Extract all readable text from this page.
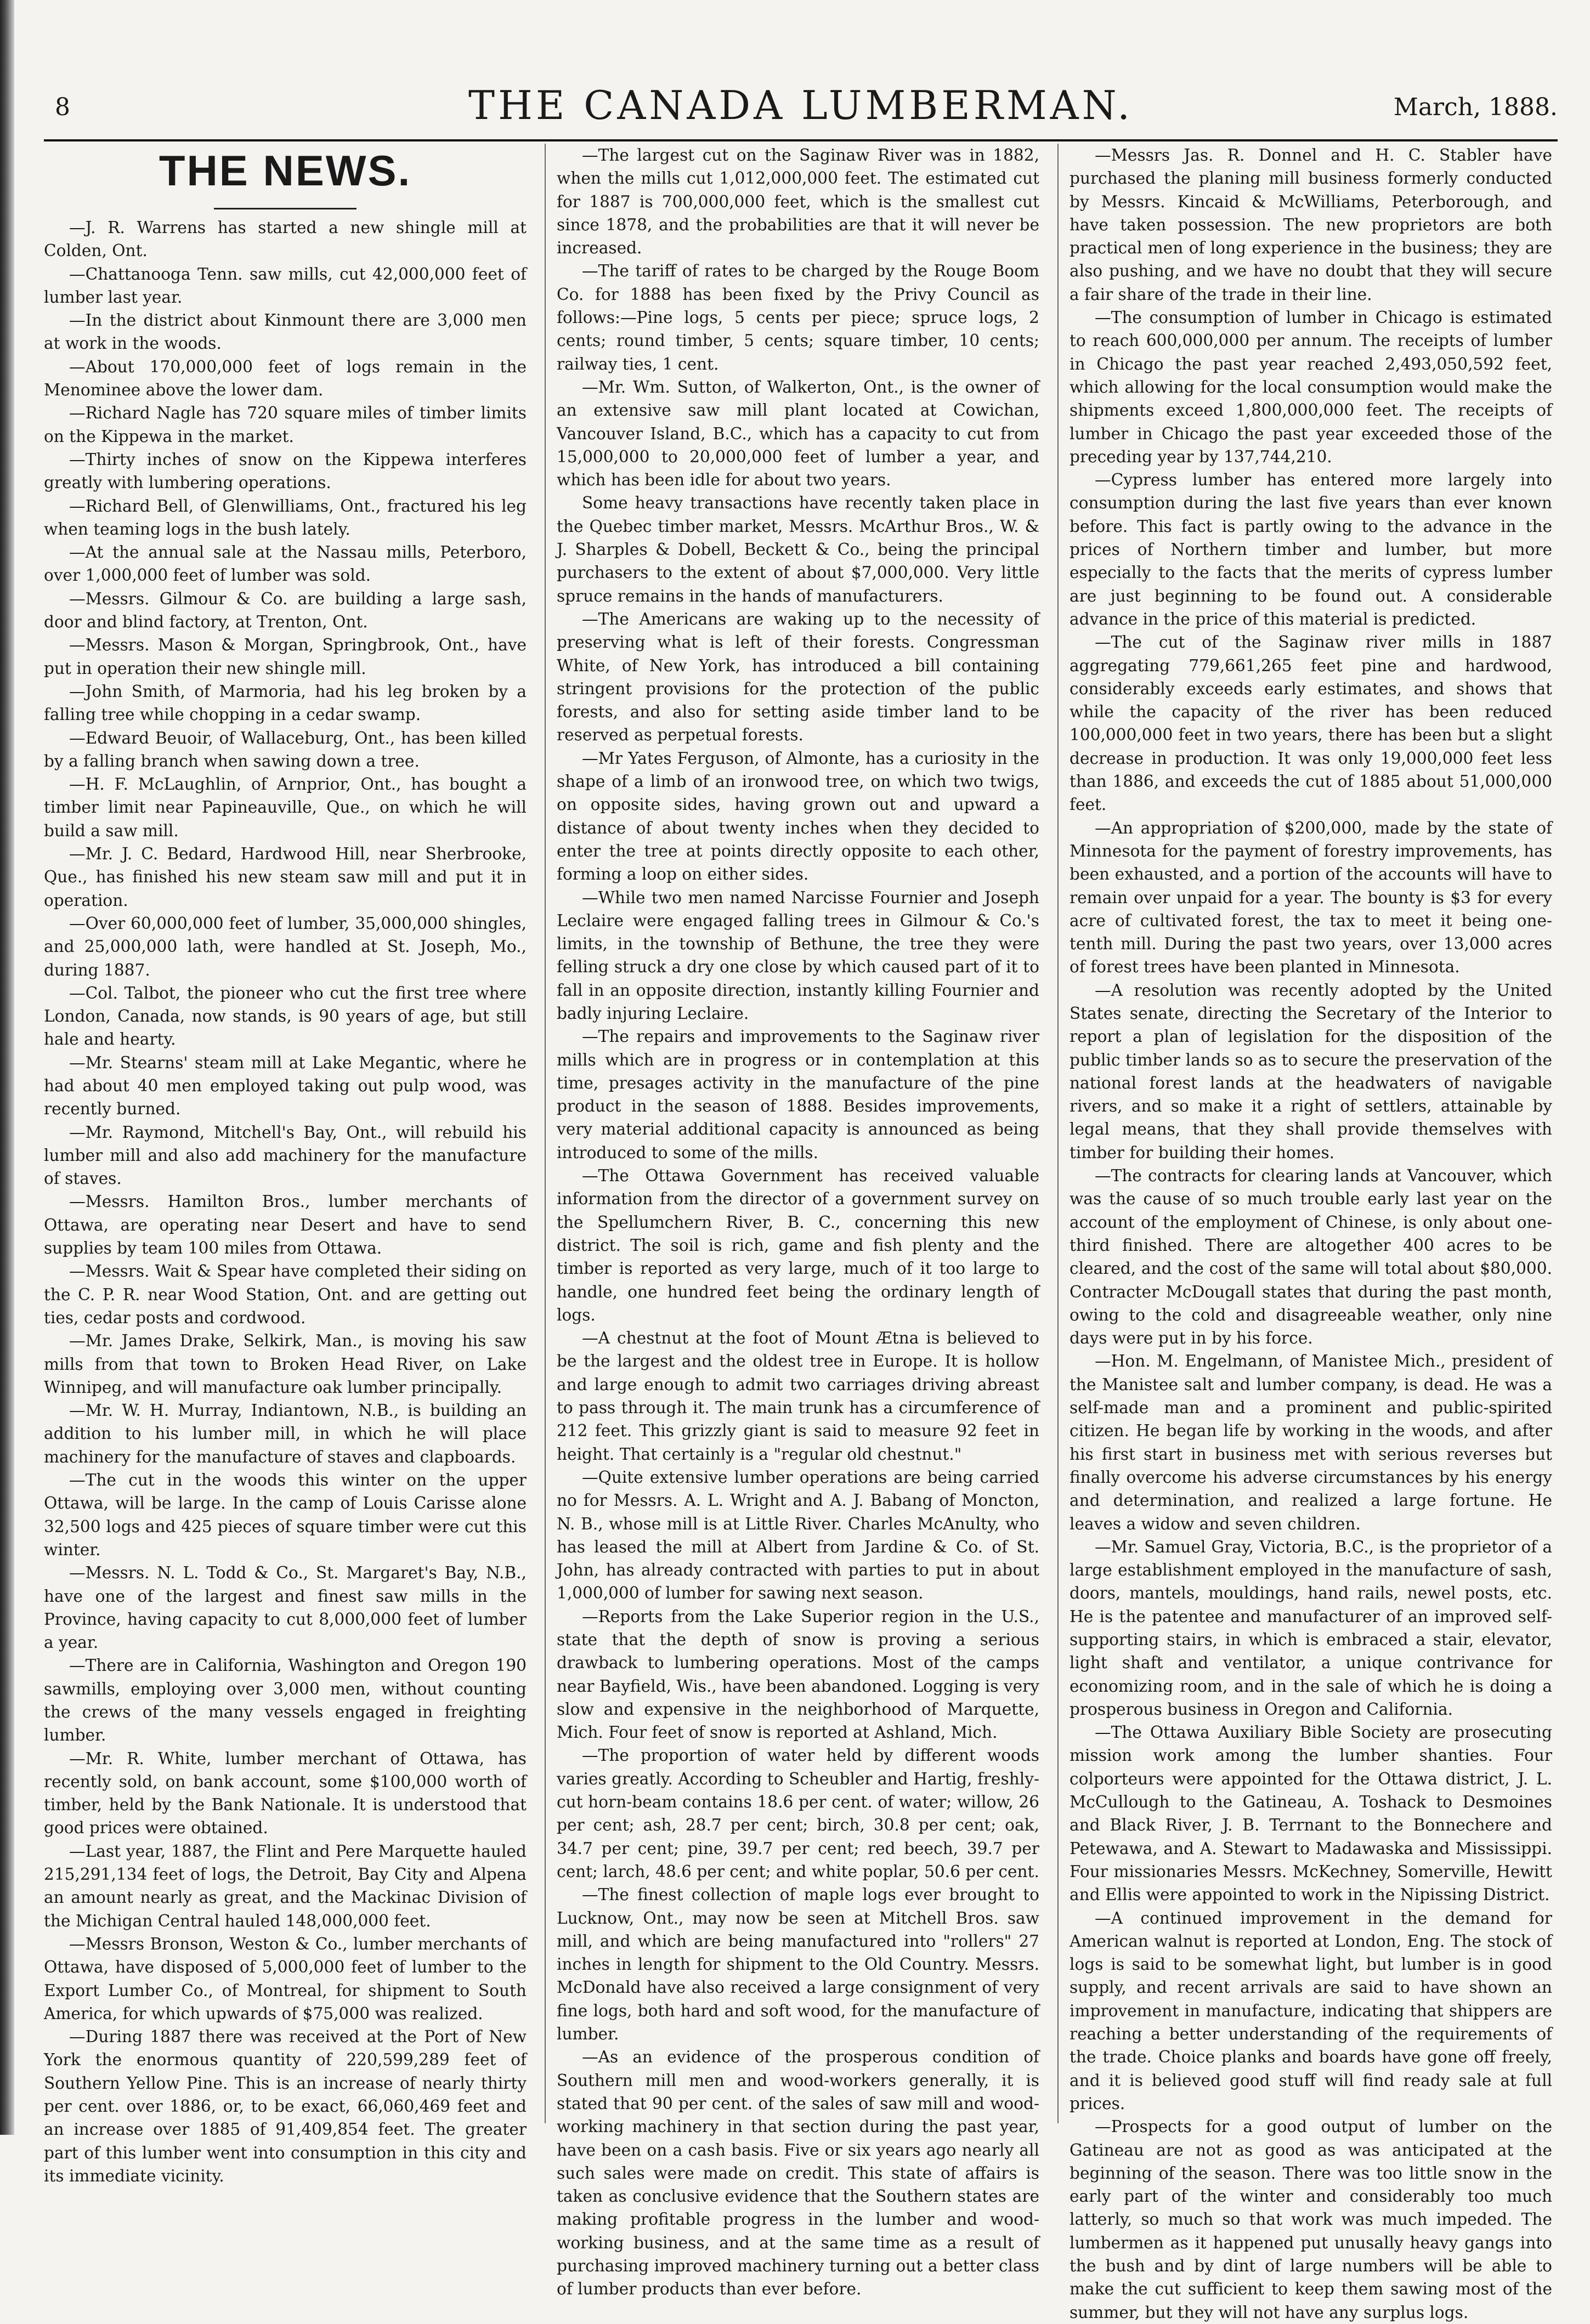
8	THE CANADA LUMBERMAN.	March, 1888.
THE NEWS.

—J. R. Warrens has started a new shingle mill at Colden, Ont.

—Chattanooga Tenn. saw mills, cut 42,000,000 feet of lumber last year.

—In the district about Kinmount there are 3,000 men at work in the woods.

—About 170,000,000 feet of logs remain in the Menominee above the lower dam.

—Richard Nagle has 720 square miles of timber limits on the Kippewa in the market.

—Thirty inches of snow on the Kippewa interferes greatly with lumbering operations.

—Richard Bell, of Glenwilliams, Ont., fractured his leg when teaming logs in the bush lately.

—At the annual sale at the Nassau mills, Peterboro, over 1,000,000 feet of lumber was sold.

—Messrs. Gilmour & Co. are building a large sash, door and blind factory, at Trenton, Ont.

—Messrs. Mason & Morgan, Springbrook, Ont., have put in operation their new shingle mill.

—John Smith, of Marmoria, had his leg broken by a falling tree while chopping in a cedar swamp.

—Edward Beuoir, of Wallaceburg, Ont., has been killed by a falling branch when sawing down a tree.

—H. F. McLaughlin, of Arnprior, Ont., has bought a timber limit near Papineauville, Que., on which he will build a saw mill.

—Mr. J. C. Bedard, Hardwood Hill, near Sherbrooke, Que., has finished his new steam saw mill and put it in operation.

—Over 60,000,000 feet of lumber, 35,000,000 shingles, and 25,000,000 lath, were handled at St. Joseph, Mo., during 1887.

—Col. Talbot, the pioneer who cut the first tree where London, Canada, now stands, is 90 years of age, but still hale and hearty.

—Mr. Stearns' steam mill at Lake Megantic, where he had about 40 men employed taking out pulp wood, was recently burned.

—Mr. Raymond, Mitchell's Bay, Ont., will rebuild his lumber mill and also add machinery for the manufacture of staves.

—Messrs. Hamilton Bros., lumber merchants of Ottawa, are operating near Desert and have to send supplies by team 100 miles from Ottawa.

—Messrs. Wait & Spear have completed their siding on the C. P. R. near Wood Station, Ont. and are getting out ties, cedar posts and cordwood.

—Mr. James Drake, Selkirk, Man., is moving his saw mills from that town to Broken Head River, on Lake Winnipeg, and will manufacture oak lumber principally.

—Mr. W. H. Murray, Indiantown, N.B., is building an addition to his lumber mill, in which he will place machinery for the manufacture of staves and clapboards.

—The cut in the woods this winter on the upper Ottawa, will be large. In the camp of Louis Carisse alone 32,500 logs and 425 pieces of square timber were cut this winter.

—Messrs. N. L. Todd & Co., St. Margaret's Bay, N.B., have one of the largest and finest saw mills in the Province, having capacity to cut 8,000,000 feet of lumber a year.

—There are in California, Washington and Oregon 190 sawmills, employing over 3,000 men, without counting the crews of the many vessels engaged in freighting lumber.

—Mr. R. White, lumber merchant of Ottawa, has recently sold, on bank account, some $100,000 worth of timber, held by the Bank Nationale. It is understood that good prices were obtained.

—Last year, 1887, the Flint and Pere Marquette hauled 215,291,134 feet of logs, the Detroit, Bay City and Alpena an amount nearly as great, and the Mackinac Division of the Michigan Central hauled 148,000,000 feet.

—Messrs Bronson, Weston & Co., lumber merchants of Ottawa, have disposed of 5,000,000 feet of lumber to the Export Lumber Co., of Montreal, for shipment to South America, for which upwards of $75,000 was realized.

—During 1887 there was received at the Port of New York the enormous quantity of 220,599,289 feet of Southern Yellow Pine. This is an increase of nearly thirty per cent. over 1886, or, to be exact, 66,060,469 feet and an increase over 1885 of 91,409,854 feet. The greater part of this lumber went into consumption in this city and its immediate vicinity.

—The largest cut on the Saginaw River was in 1882, when the mills cut 1,012,000,000 feet. The estimated cut for 1887 is 700,000,000 feet, which is the smallest cut since 1878, and the probabilities are that it will never be increased.

—The tariff of rates to be charged by the Rouge Boom Co. for 1888 has been fixed by the Privy Council as follows:—Pine logs, 5 cents per piece; spruce logs, 2 cents; round timber, 5 cents; square timber, 10 cents; railway ties, 1 cent.

—Mr. Wm. Sutton, of Walkerton, Ont., is the owner of an extensive saw mill plant located at Cowichan, Vancouver Island, B.C., which has a capacity to cut from 15,000,000 to 20,000,000 feet of lumber a year, and which has been idle for about two years.

Some heavy transactions have recently taken place in the Quebec timber market, Messrs. McArthur Bros., W. & J. Sharples & Dobell, Beckett & Co., being the principal purchasers to the extent of about $7,000,000. Very little spruce remains in the hands of manufacturers.

—The Americans are waking up to the necessity of preserving what is left of their forests. Congressman White, of New York, has introduced a bill containing stringent provisions for the protection of the public forests, and also for setting aside timber land to be reserved as perpetual forests.

—Mr Yates Ferguson, of Almonte, has a curiosity in the shape of a limb of an ironwood tree, on which two twigs, on opposite sides, having grown out and upward a distance of about twenty inches when they decided to enter the tree at points directly opposite to each other, forming a loop on either sides.

—While two men named Narcisse Fournier and Joseph Leclaire were engaged falling trees in Gilmour & Co.'s limits, in the township of Bethune, the tree they were felling struck a dry one close by which caused part of it to fall in an opposite direction, instantly killing Fournier and badly injuring Leclaire.

—The repairs and improvements to the Saginaw river mills which are in progress or in contemplation at this time, presages activity in the manufacture of the pine product in the season of 1888. Besides improvements, very material additional capacity is announced as being introduced to some of the mills.

—The Ottawa Government has received valuable information from the director of a government survey on the Spellumchern River, B. C., concerning this new district. The soil is rich, game and fish plenty and the timber is reported as very large, much of it too large to handle, one hundred feet being the ordinary length of logs.

—A chestnut at the foot of Mount Ætna is believed to be the largest and the oldest tree in Europe. It is hollow and large enough to admit two carriages driving abreast to pass through it. The main trunk has a circumference of 212 feet. This grizzly giant is said to measure 92 feet in height. That certainly is a "regular old chestnut."

—Quite extensive lumber operations are being carried no for Messrs. A. L. Wright and A. J. Babang of Moncton, N. B., whose mill is at Little River. Charles McAnulty, who has leased the mill at Albert from Jardine & Co. of St. John, has already contracted with parties to put in about 1,000,000 of lumber for sawing next season.

—Reports from the Lake Superior region in the U.S., state that the depth of snow is proving a serious drawback to lumbering operations. Most of the camps near Bayfield, Wis., have been abandoned. Logging is very slow and expensive in the neighborhood of Marquette, Mich. Four feet of snow is reported at Ashland, Mich.

—The proportion of water held by different woods varies greatly. According to Scheubler and Hartig, freshly-cut horn-beam contains 18.6 per cent. of water; willow, 26 per cent; ash, 28.7 per cent; birch, 30.8 per cent; oak, 34.7 per cent; pine, 39.7 per cent; red beech, 39.7 per cent; larch, 48.6 per cent; and white poplar, 50.6 per cent.

—The finest collection of maple logs ever brought to Lucknow, Ont., may now be seen at Mitchell Bros. saw mill, and which are being manufactured into "rollers" 27 inches in length for shipment to the Old Country. Messrs. McDonald have also received a large consignment of very fine logs, both hard and soft wood, for the manufacture of lumber.

—As an evidence of the prosperous condition of Southern mill men and wood-workers generally, it is stated that 90 per cent. of the sales of saw mill and wood-working machinery in that section during the past year, have been on a cash basis. Five or six years ago nearly all such sales were made on credit. This state of affairs is taken as conclusive evidence that the Southern states are making profitable progress in the lumber and wood-working business, and at the same time as a result of purchasing improved machinery turning out a better class of lumber products than ever before.

—Messrs Jas. R. Donnel and H. C. Stabler have purchased the planing mill business formerly conducted by Messrs. Kincaid & McWilliams, Peterborough, and have taken possession. The new proprietors are both practical men of long experience in the business; they are also pushing, and we have no doubt that they will secure a fair share of the trade in their line.

—The consumption of lumber in Chicago is estimated to reach 600,000,000 per annum. The receipts of lumber in Chicago the past year reached 2,493,050,592 feet, which allowing for the local consumption would make the shipments exceed 1,800,000,000 feet. The receipts of lumber in Chicago the past year exceeded those of the preceding year by 137,744,210.

—Cypress lumber has entered more largely into consumption during the last five years than ever known before. This fact is partly owing to the advance in the prices of Northern timber and lumber, but more especially to the facts that the merits of cypress lumber are just beginning to be found out. A considerable advance in the price of this material is predicted.

—The cut of the Saginaw river mills in 1887 aggregating 779,661,265 feet pine and hardwood, considerably exceeds early estimates, and shows that while the capacity of the river has been reduced 100,000,000 feet in two years, there has been but a slight decrease in production. It was only 19,000,000 feet less than 1886, and exceeds the cut of 1885 about 51,000,000 feet.

—An appropriation of $200,000, made by the state of Minnesota for the payment of forestry improvements, has been exhausted, and a portion of the accounts will have to remain over unpaid for a year. The bounty is $3 for every acre of cultivated forest, the tax to meet it being one-tenth mill. During the past two years, over 13,000 acres of forest trees have been planted in Minnesota.

—A resolution was recently adopted by the United States senate, directing the Secretary of the Interior to report a plan of legislation for the disposition of the public timber lands so as to secure the preservation of the national forest lands at the headwaters of navigable rivers, and so make it a right of settlers, attainable by legal means, that they shall provide themselves with timber for building their homes.

—The contracts for clearing lands at Vancouver, which was the cause of so much trouble early last year on the account of the employment of Chinese, is only about one-third finished. There are altogether 400 acres to be cleared, and the cost of the same will total about $80,000. Contracter McDougall states that during the past month, owing to the cold and disagreeable weather, only nine days were put in by his force.

—Hon. M. Engelmann, of Manistee Mich., president of the Manistee salt and lumber company, is dead. He was a self-made man and a prominent and public-spirited citizen. He began life by working in the woods, and after his first start in business met with serious reverses but finally overcome his adverse circumstances by his energy and determination, and realized a large fortune. He leaves a widow and seven children.

—Mr. Samuel Gray, Victoria, B.C., is the proprietor of a large establishment employed in the manufacture of sash, doors, mantels, mouldings, hand rails, newel posts, etc. He is the patentee and manufacturer of an improved self-supporting stairs, in which is embraced a stair, elevator, light shaft and ventilator, a unique contrivance for economizing room, and in the sale of which he is doing a prosperous business in Oregon and California.

—The Ottawa Auxiliary Bible Society are prosecuting mission work among the lumber shanties. Four colporteurs were appointed for the Ottawa district, J. L. McCullough to the Gatineau, A. Toshack to Desmoines and Black River, J. B. Terrnant to the Bonnechere and Petewawa, and A. Stewart to Madawaska and Mississippi. Four missionaries Messrs. McKechney, Somerville, Hewitt and Ellis were appointed to work in the Nipissing District.

—A continued improvement in the demand for American walnut is reported at London, Eng. The stock of logs is said to be somewhat light, but lumber is in good supply, and recent arrivals are said to have shown an improvement in manufacture, indicating that shippers are reaching a better understanding of the requirements of the trade. Choice planks and boards have gone off freely, and it is believed good stuff will find ready sale at full prices.

—Prospects for a good output of lumber on the Gatineau are not as good as was anticipated at the beginning of the season. There was too little snow in the early part of the winter and considerably too much latterly, so much so that work was much impeded. The lumbermen as it happened put unusally heavy gangs into the bush and by dint of large numbers will be able to make the cut sufficient to keep them sawing most of the summer, but they will not have any surplus logs.
